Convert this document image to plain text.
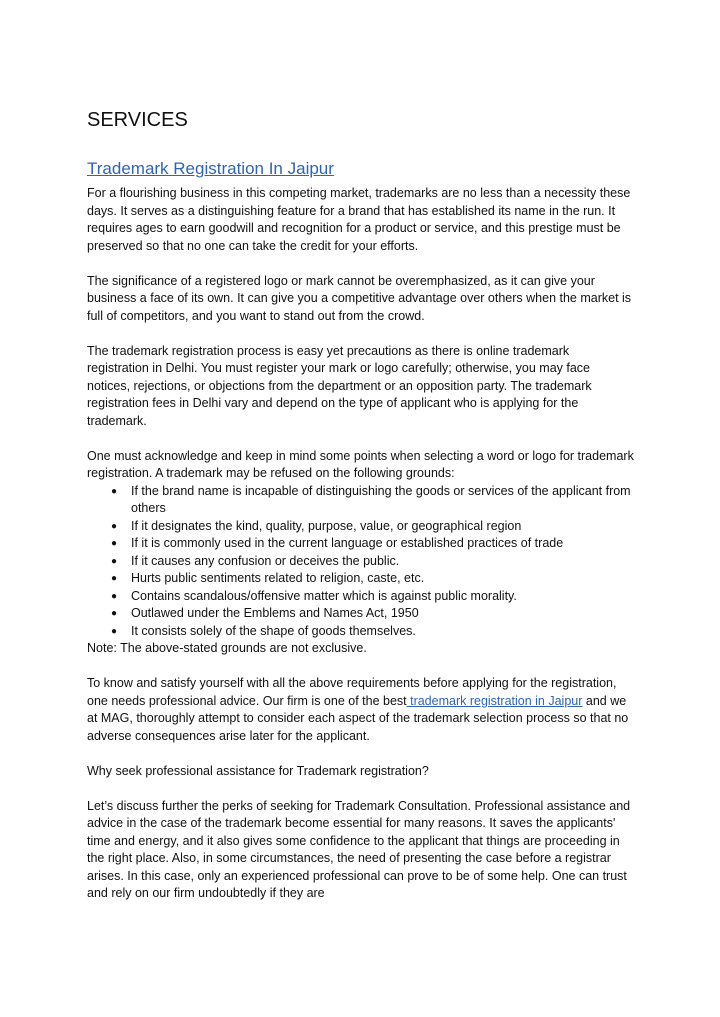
SERVICES
Trademark Registration In Jaipur

For a flourishing business in this competing market, trademarks are no less than a necessity these days. It serves as a distinguishing feature for a brand that has established its name in the run. It requires ages to earn goodwill and recognition for a product or service, and this prestige must be preserved so that no one can take the credit for your efforts.

The significance of a registered logo or mark cannot be overemphasized, as it can give your business a face of its own. It can give you a competitive advantage over others when the market is full of competitors, and you want to stand out from the crowd.

The trademark registration process is easy yet precautions as there is online trademark registration in Delhi. You must register your mark or logo carefully; otherwise, you may face notices, rejections, or objections from the department or an opposition party. The trademark registration fees in Delhi vary and depend on the type of applicant who is applying for the trademark.

One must acknowledge and keep in mind some points when selecting a word or logo for trademark registration. A trademark may be refused on the following grounds:

● If the brand name is incapable of distinguishing the goods or services of the applicant from others
● If it designates the kind, quality, purpose, value, or geographical region
● If it is commonly used in the current language or established practices of trade
● If it causes any confusion or deceives the public.
● Hurts public sentiments related to religion, caste, etc.
● Contains scandalous/offensive matter which is against public morality.
● Outlawed under the Emblems and Names Act, 1950
● It consists solely of the shape of goods themselves.

Note: The above-stated grounds are not exclusive.

To know and satisfy yourself with all the above requirements before applying for the registration, one needs professional advice. Our firm is one of the best trademark registration in Jaipur and we at MAG, thoroughly attempt to consider each aspect of the trademark selection process so that no adverse consequences arise later for the applicant.

Why seek professional assistance for Trademark registration?

Let’s discuss further the perks of seeking for Trademark Consultation. Professional assistance and advice in the case of the trademark become essential for many reasons. It saves the applicants' time and energy, and it also gives some confidence to the applicant that things are proceeding in the right place. Also, in some circumstances, the need of presenting the case before a registrar arises. In this case, only an experienced professional can prove to be of some help. One can trust and rely on our firm undoubtedly if they are
